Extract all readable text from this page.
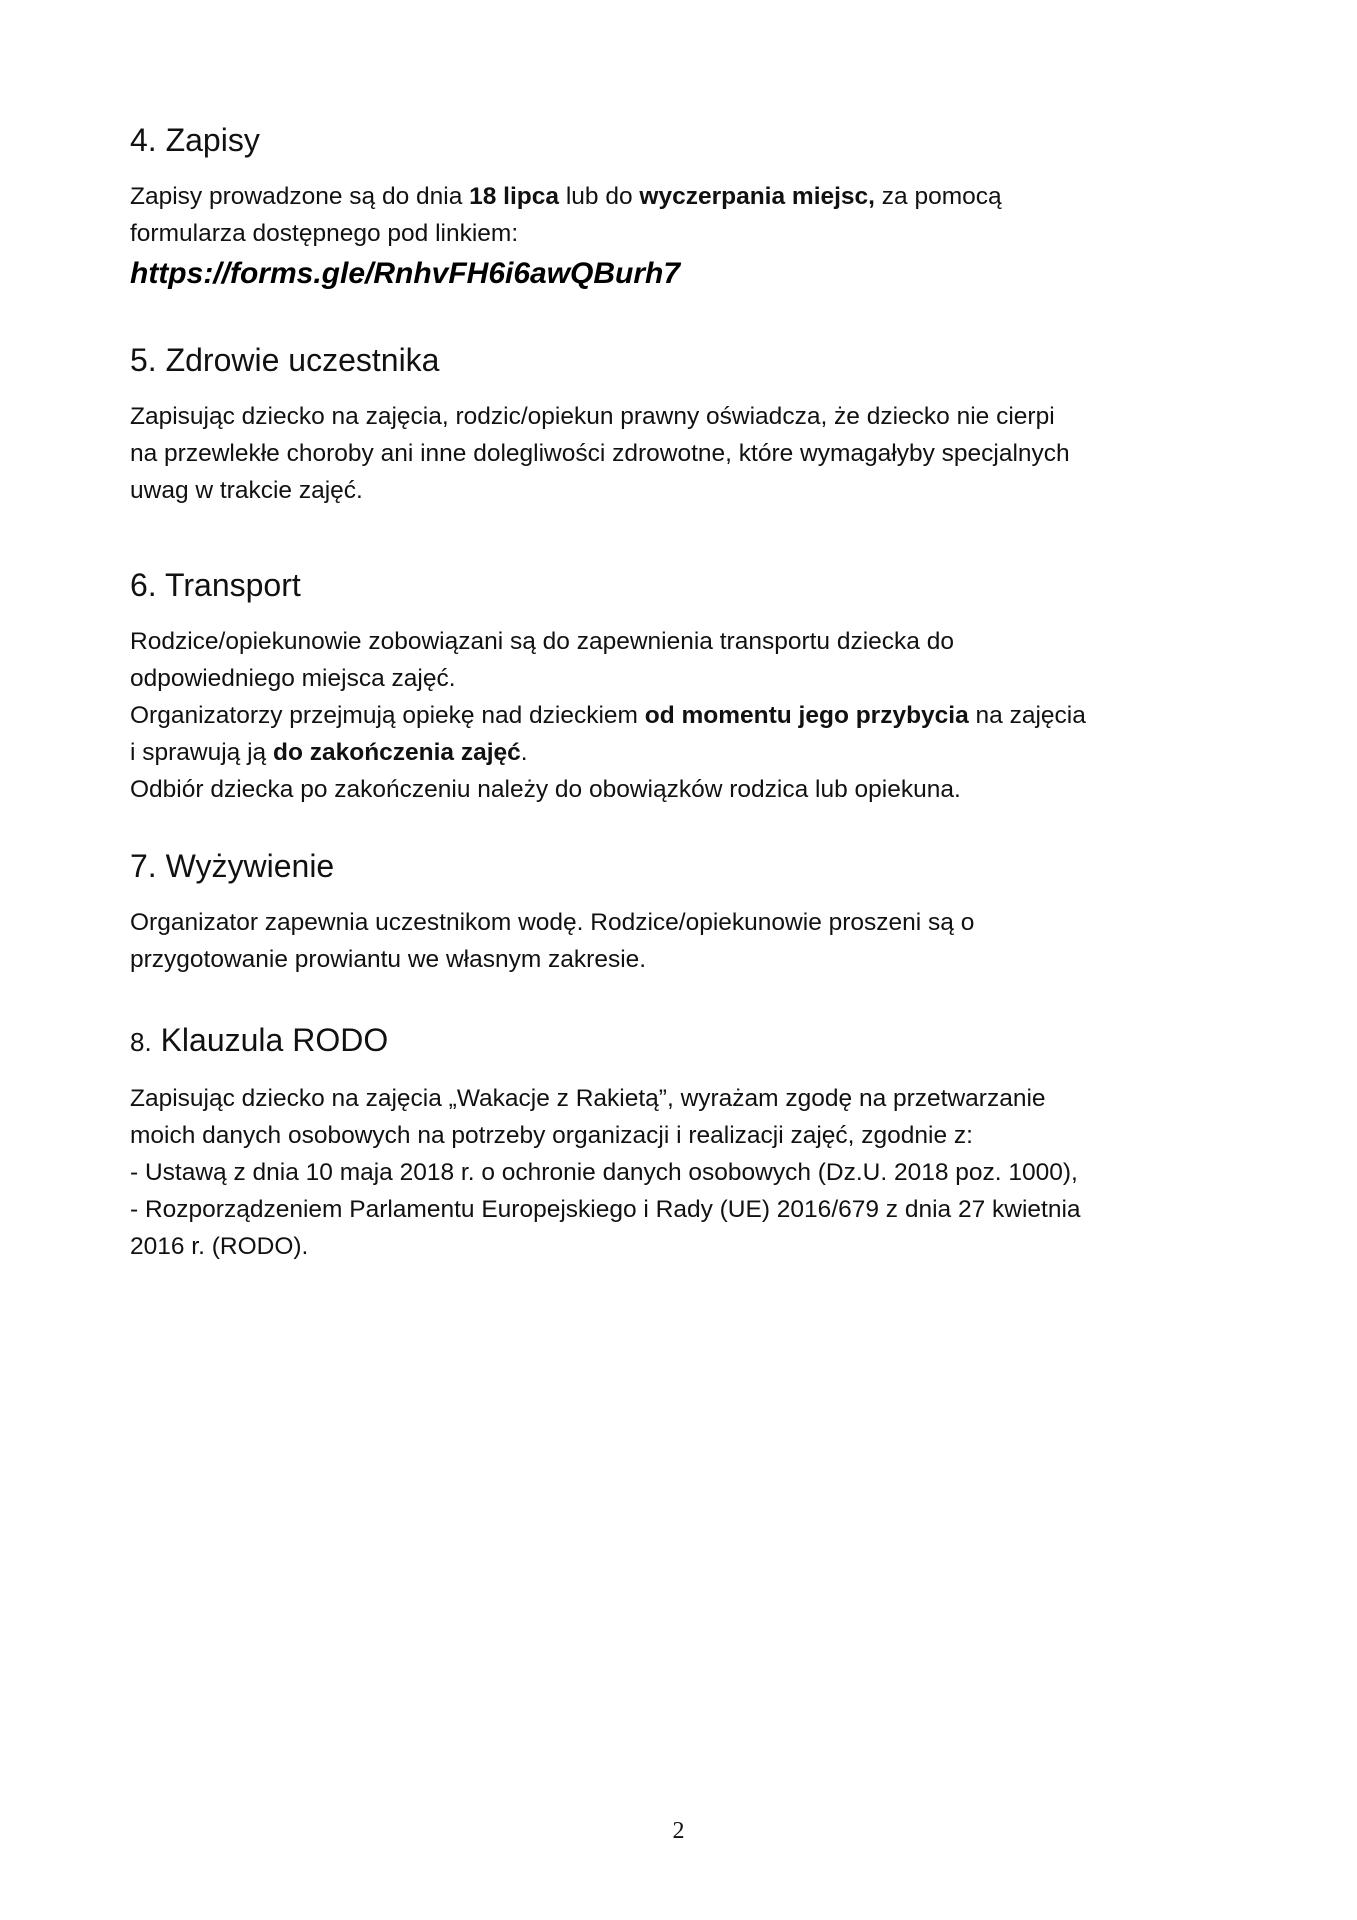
4. Zapisy

Zapisy prowadzone są do dnia 18 lipca lub do wyczerpania miejsc, za pomocą

formularza dostępnego pod linkiem:

https://forms.gle/RnhvFH6i6awQBurh7
5. Zdrowie uczestnika

Zapisując dziecko na zajęcia, rodzic/opiekun prawny oświadcza, że dziecko nie cierpi

na przewlekłe choroby ani inne dolegliwości zdrowotne, które wymagałyby specjalnych

uwag w trakcie zajęć.

6. Transport

Rodzice/opiekunowie zobowiązani są do zapewnienia transportu dziecka do

odpowiedniego miejsca zajęć.

Organizatorzy przejmują opiekę nad dzieckiem od momentu jego przybycia na zajęcia

i sprawują ją do zakończenia zajęć.

Odbiór dziecka po zakończeniu należy do obowiązków rodzica lub opiekuna.

7. Wyżywienie

Organizator zapewnia uczestnikom wodę. Rodzice/opiekunowie proszeni są o

przygotowanie prowiantu we własnym zakresie.

8. Klauzula RODO

Zapisując dziecko na zajęcia „Wakacje z Rakietą”, wyrażam zgodę na przetwarzanie

moich danych osobowych na potrzeby organizacji i realizacji zajęć, zgodnie z:

- Ustawą z dnia 10 maja 2018 r. o ochronie danych osobowych (Dz.U. 2018 poz. 1000),

- Rozporządzeniem Parlamentu Europejskiego i Rady (UE) 2016/679 z dnia 27 kwietnia

2016 r. (RODO).

2
